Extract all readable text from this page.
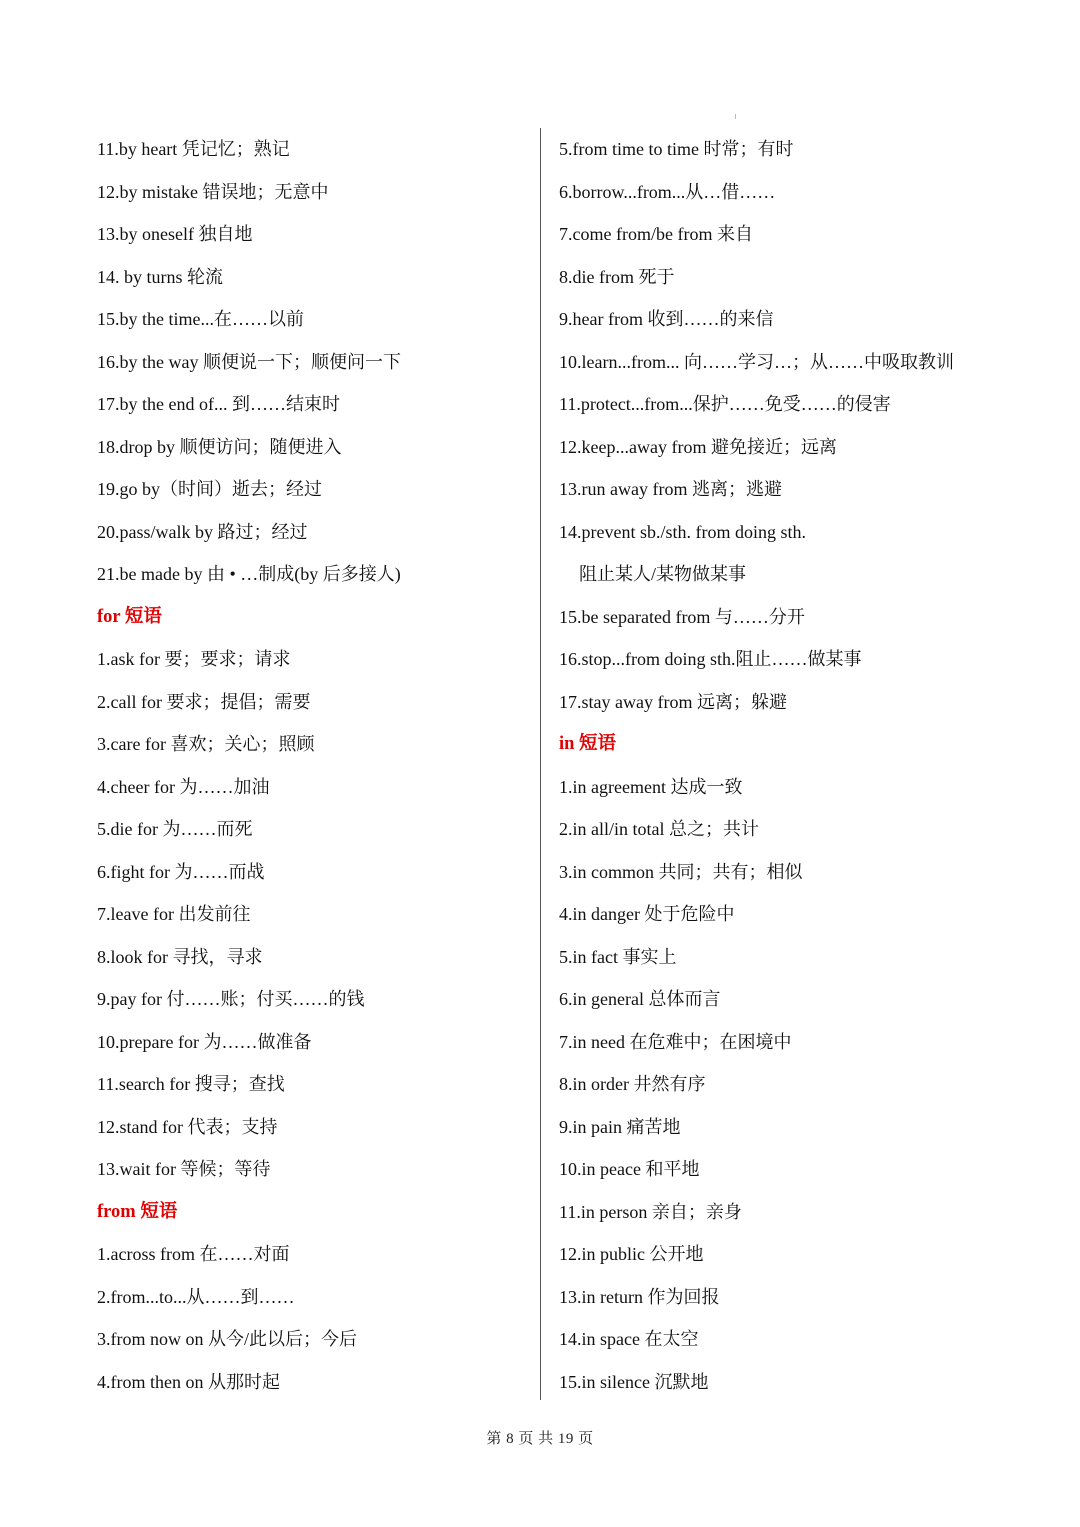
11.by heart 凭记忆；熟记
12.by mistake 错误地；无意中
13.by oneself 独自地
14. by turns 轮流
15.by the time...在……以前
16.by the way 顺便说一下；顺便问一下
17.by the end of... 到……结束时
18.drop by 顺便访问；随便进入
19.go by（时间）逝去；经过
20.pass/walk by 路过；经过
21.be made by 由 • …制成(by 后多接人)
for 短语
1.ask for 要；要求；请求
2.call for 要求；提倡；需要
3.care for 喜欢；关心；照顾
4.cheer for 为……加油
5.die for 为……而死
6.fight for 为……而战
7.leave for 出发前往
8.look for 寻找，寻求
9.pay for 付……账；付买……的钱
10.prepare for 为……做准备
11.search for 搜寻；查找
12.stand for 代表；支持
13.wait for 等候；等待
from 短语
1.across from 在……对面
2.from...to...从……到……
3.from now on 从今/此以后；今后
4.from then on 从那时起
5.from time to time 时常；有时
6.borrow...from...从…借……
7.come from/be from 来自
8.die from 死于
9.hear from 收到……的来信
10.learn...from... 向……学习…；从……中吸取教训
11.protect...from...保护……免受……的侵害
12.keep...away from 避免接近；远离
13.run away from 逃离；逃避
14.prevent sb./sth. from doing sth.
阻止某人/某物做某事
15.be separated from 与……分开
16.stop...from doing sth.阻止……做某事
17.stay away from 远离；躲避
in 短语
1.in agreement 达成一致
2.in all/in total 总之；共计
3.in common 共同；共有；相似
4.in danger 处于危险中
5.in fact 事实上
6.in general 总体而言
7.in need 在危难中；在困境中
8.in order 井然有序
9.in pain 痛苦地
10.in peace 和平地
11.in person 亲自；亲身
12.in public 公开地
13.in return 作为回报
14.in space 在太空
15.in silence 沉默地
第 8 页 共 19 页
